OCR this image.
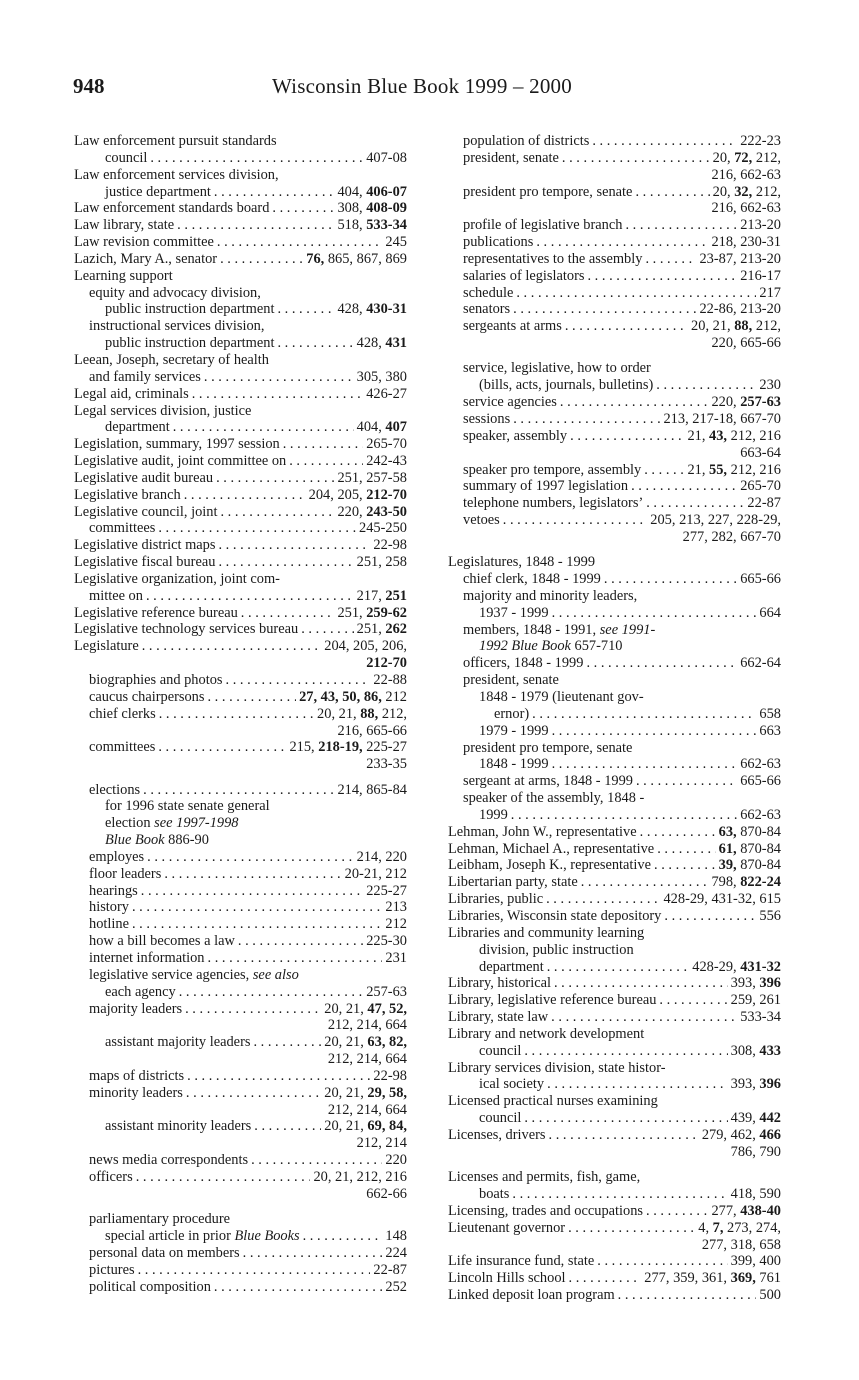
948	Wisconsin Blue Book 1999 – 2000
Law enforcement pursuit standards
council . . .	407-08
Law enforcement services division,
justice department . . .	404, 406-07
Law enforcement standards board . . .	308, 408-09
Law library, state . . .	518, 533-34
Law revision committee . . .	245
Lazich, Mary A., senator . . .	76, 865, 867, 869
Learning support
equity and advocacy division,
public instruction department . . .	428, 430-31
instructional services division,
public instruction department . . .	428, 431
Leean, Joseph, secretary of health
and family services . . .	305, 380
Legal aid, criminals . . .	426-27
Legal services division, justice
department . . .	404, 407
Legislation, summary, 1997 session . . .	265-70
Legislative audit, joint committee on . . .	242-43
Legislative audit bureau . . .	251, 257-58
Legislative branch . . .	204, 205, 212-70
Legislative council, joint . . .	220, 243-50
committees . . .	245-250
Legislative district maps . . .	22-98
Legislative fiscal bureau . . .	251, 258
Legislative organization, joint com-
mittee on . . .	217, 251
Legislative reference bureau . . .	251, 259-62
Legislative technology services bureau . . .	251, 262
Legislature . . .	204, 205, 206,
212-70
biographies and photos . . .	22-88
caucus chairpersons . . .	27, 43, 50, 86, 212
chief clerks . . .	20, 21, 88, 212,
216, 665-66
committees . . .	215, 218-19, 225-27
233-35
elections . . .	214, 865-84
for 1996 state senate general
election see 1997-1998
Blue Book 886-90
employes . . .	214, 220
floor leaders . . .	20-21, 212
hearings . . .	225-27
history . . .	213
hotline . . .	212
how a bill becomes a law . . .	225-30
internet information . . .	231
legislative service agencies, see also
each agency . . .	257-63
majority leaders . . .	20, 21, 47, 52,
212, 214, 664
assistant majority leaders . . .	20, 21, 63, 82,
212, 214, 664
maps of districts . . .	22-98
minority leaders . . .	20, 21, 29, 58,
212, 214, 664
assistant minority leaders . . .	20, 21, 69, 84,
212, 214
news media correspondents . . .	220
officers . . .	20, 21, 212, 216
662-66
parliamentary procedure
special article in prior Blue Books . . .	148
personal data on members . . .	224
pictures . . .	22-87
political composition . . .	252
population of districts . . .	222-23
president, senate . . .	20, 72, 212,
216, 662-63
president pro tempore, senate . . .	20, 32, 212,
216, 662-63
profile of legislative branch . . .	213-20
publications . . .	218, 230-31
representatives to the assembly . . .	23-87, 213-20
salaries of legislators . . .	216-17
schedule . . .	217
senators . . .	22-86, 213-20
sergeants at arms . . .	20, 21, 88, 212,
220, 665-66
service, legislative, how to order
(bills, acts, journals, bulletins) . . .	230
service agencies . . .	220, 257-63
sessions . . .	213, 217-18, 667-70
speaker, assembly . . .	21, 43, 212, 216
663-64
speaker pro tempore, assembly . . .	21, 55, 212, 216
summary of 1997 legislation . . .	265-70
telephone numbers, legislators’ . . .	22-87
vetoes . . .	205, 213, 227, 228-29,
277, 282, 667-70
Legislatures, 1848 - 1999
chief clerk, 1848 - 1999 . . .	665-66
majority and minority leaders,
1937 - 1999 . . .	664
members, 1848 - 1991, see 1991-
1992 Blue Book 657-710
officers, 1848 - 1999 . . .	662-64
president, senate
1848 - 1979 (lieutenant gov-
ernor) . . .	658
1979 - 1999 . . .	663
president pro tempore, senate
1848 - 1999 . . .	662-63
sergeant at arms, 1848 - 1999 . . .	665-66
speaker of the assembly, 1848 -
1999 . . .	662-63
Lehman, John W., representative . . .	63, 870-84
Lehman, Michael A., representative . . .	61, 870-84
Leibham, Joseph K., representative . . .	39, 870-84
Libertarian party, state . . .	798, 822-24
Libraries, public . . .	428-29, 431-32, 615
Libraries, Wisconsin state depository . . .	556
Libraries and community learning
division, public instruction
department . . .	428-29, 431-32
Library, historical . . .	393, 396
Library, legislative reference bureau . . .	259, 261
Library, state law . . .	533-34
Library and network development
council . . .	308, 433
Library services division, state histor-
ical society . . .	393, 396
Licensed practical nurses examining
council . . .	439, 442
Licenses, drivers . . .	279, 462, 466
786, 790
Licenses and permits, fish, game,
boats . . .	418, 590
Licensing, trades and occupations . . .	277, 438-40
Lieutenant governor . . .	4, 7, 273, 274,
277, 318, 658
Life insurance fund, state . . .	399, 400
Lincoln Hills school . . .	277, 359, 361, 369, 761
Linked deposit loan program . . .	500
